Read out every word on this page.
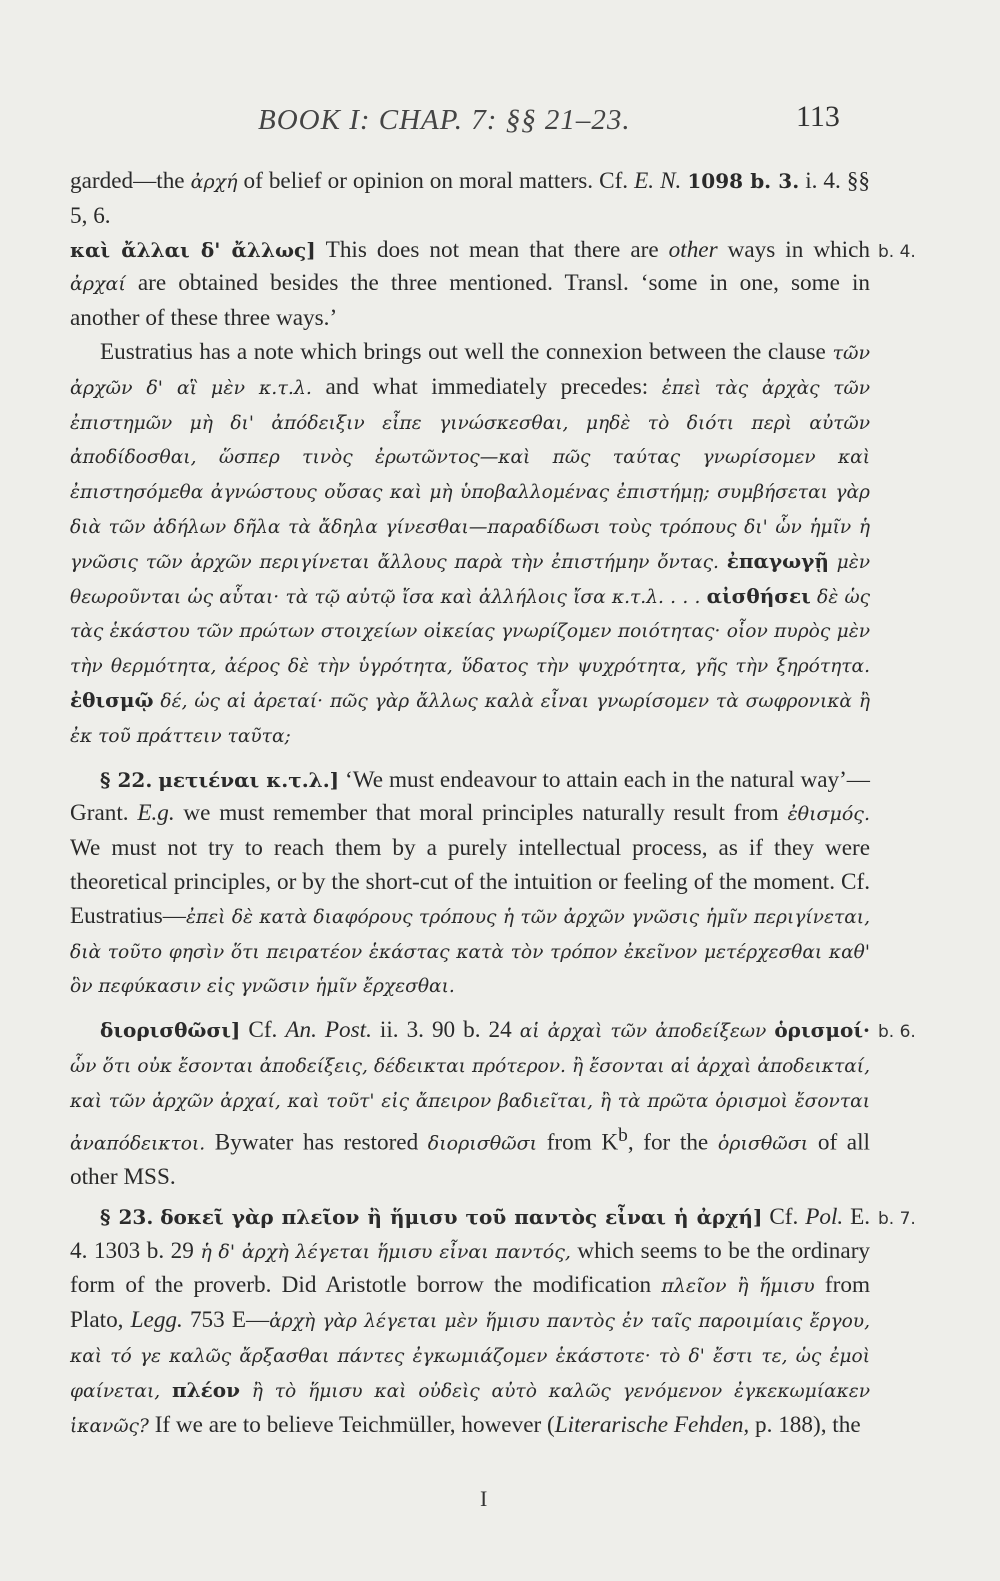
BOOK I: CHAP. 7: §§ 21–23.	113

garded—the ἀρχή of belief or opinion on moral matters. Cf. E. N. 1098 b. 3. i. 4. §§ 5, 6.

καὶ ἄλλαι δ' ἄλλως] This does not mean that there are other ways in which ἀρχαί are obtained besides the three mentioned. Transl. ‘some in one, some in another of these three ways.’
b. 4.

Eustratius has a note which brings out well the connexion between the clause τῶν ἀρχῶν δ' αἳ μὲν κ.τ.λ. and what immediately precedes: ἐπεὶ τὰς ἀρχὰς τῶν ἐπιστημῶν μὴ δι' ἀπόδειξιν εἶπε γινώσκεσθαι, μηδὲ τὸ διότι περὶ αὐτῶν ἀποδίδοσθαι, ὥσπερ τινὸς ἐρωτῶντος—καὶ πῶς ταύτας γνωρίσομεν καὶ ἐπιστησόμεθα ἀγνώστους οὔσας καὶ μὴ ὑποβαλλομένας ἐπιστήμῃ; συμβήσεται γὰρ διὰ τῶν ἀδήλων δῆλα τὰ ἄδηλα γίνεσθαι—παραδίδωσι τοὺς τρόπους δι' ὧν ἡμῖν ἡ γνῶσις τῶν ἀρχῶν περιγίνεται ἄλλους παρὰ τὴν ἐπιστήμην ὄντας. ἐπαγωγῇ μὲν θεωροῦνται ὡς αὗται· τὰ τῷ αὐτῷ ἴσα καὶ ἀλλήλοις ἴσα κ.τ.λ. . . . αἰσθήσει δὲ ὡς τὰς ἑκάστου τῶν πρώτων στοιχείων οἰκείας γνωρίζομεν ποιότητας· οἷον πυρὸς μὲν τὴν θερμότητα, ἀέρος δὲ τὴν ὑγρότητα, ὕδατος τὴν ψυχρότητα, γῆς τὴν ξηρότητα. ἐθισμῷ δέ, ὡς αἱ ἀρεταί· πῶς γὰρ ἄλλως καλὰ εἶναι γνωρίσομεν τὰ σωφρονικὰ ἢ ἐκ τοῦ πράττειν ταῦτα;

§ 22. μετιέναι κ.τ.λ.] ‘We must endeavour to attain each in the natural way’—Grant. E.g. we must remember that moral principles naturally result from ἐθισμός. We must not try to reach them by a purely intellectual process, as if they were theoretical principles, or by the short-cut of the intuition or feeling of the moment. Cf. Eustratius—ἐπεὶ δὲ κατὰ διαφόρους τρόπους ἡ τῶν ἀρχῶν γνῶσις ἡμῖν περιγίνεται, διὰ τοῦτο φησὶν ὅτι πειρατέον ἑκάστας κατὰ τὸν τρόπον ἐκεῖνον μετέρχεσθαι καθ' ὃν πεφύκασιν εἰς γνῶσιν ἡμῖν ἔρχεσθαι.

διορισθῶσι] Cf. An. Post. ii. 3. 90 b. 24 αἱ ἀρχαὶ τῶν ἀποδείξεων ὁρισμοί· ὧν ὅτι οὐκ ἔσονται ἀποδείξεις, δέδεικται πρότερον. ἢ ἔσονται αἱ ἀρχαὶ ἀποδεικταί, καὶ τῶν ἀρχῶν ἀρχαί, καὶ τοῦτ' εἰς ἄπειρον βαδιεῖται, ἢ τὰ πρῶτα ὁρισμοὶ ἔσονται ἀναπόδεικτοι. Bywater has restored διορισθῶσι from $K^b$, for the ὁρισθῶσι of all other MSS.
b. 6.

§ 23. δοκεῖ γὰρ πλεῖον ἢ ἥμισυ τοῦ παντὸς εἶναι ἡ ἀρχή] Cf. Pol. E. 4. 1303 b. 29 ἡ δ' ἀρχὴ λέγεται ἥμισυ εἶναι παντός, which seems to be the ordinary form of the proverb. Did Aristotle borrow the modification πλεῖον ἢ ἥμισυ from Plato, Legg. 753 E—ἀρχὴ γὰρ λέγεται μὲν ἥμισυ παντὸς ἐν ταῖς παροιμίαις ἔργου, καὶ τό γε καλῶς ἄρξασθαι πάντες ἐγκωμιάζομεν ἑκάστοτε· τὸ δ' ἔστι τε, ὡς ἐμοὶ φαίνεται, πλέον ἢ τὸ ἥμισυ καὶ οὐδεὶς αὐτὸ καλῶς γενόμενον ἐγκεκωμίακεν ἱκανῶς? If we are to believe Teichmüller, however (Literarische Fehden, p. 188), the
b. 7.

I
